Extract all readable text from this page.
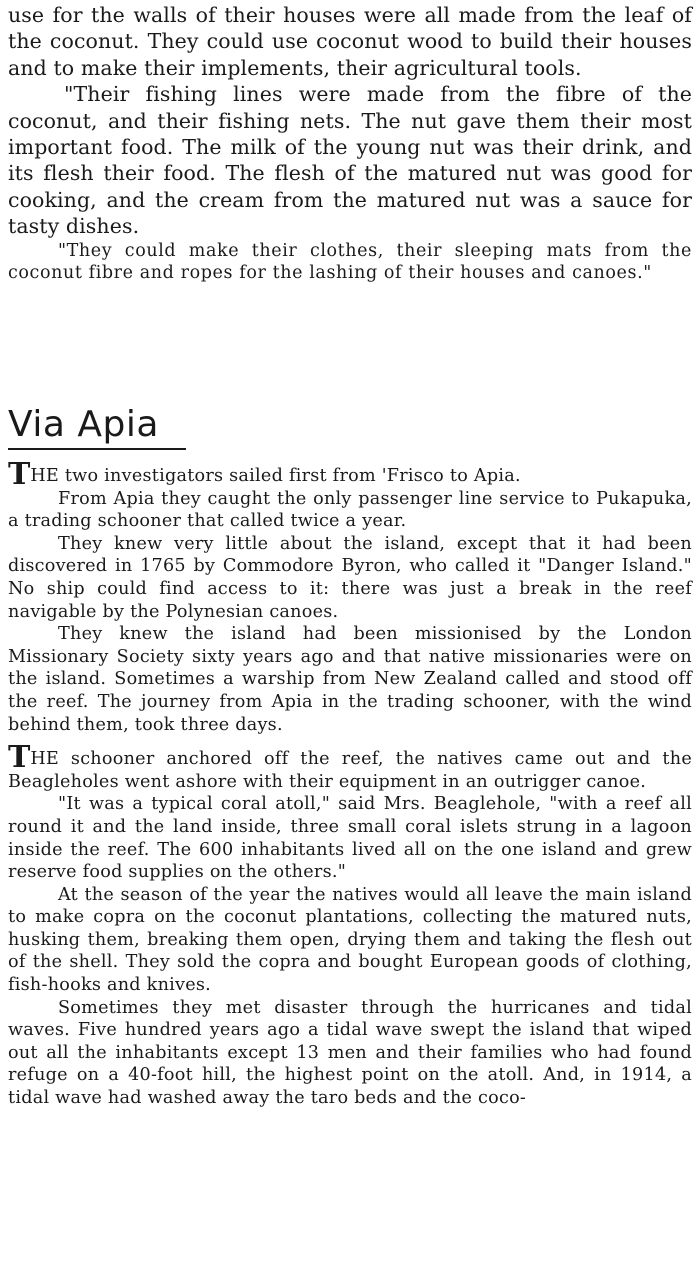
use for the walls of their houses were all made from the leaf of the coconut. They could use coconut wood to build their houses and to make their implements, their agricultural tools.

"Their fishing lines were made from the fibre of the coconut, and their fishing nets. The nut gave them their most important food. The milk of the young nut was their drink, and its flesh their food. The flesh of the matured nut was good for cooking, and the cream from the matured nut was a sauce for tasty dishes.

"They could make their clothes, their sleeping mats from the coconut fibre and ropes for the lashing of their houses and canoes."

Via Apia

THE two investigators sailed first from 'Frisco to Apia.

From Apia they caught the only passenger line service to Pukapuka, a trading schooner that called twice a year.

They knew very little about the island, except that it had been discovered in 1765 by Commodore Byron, who called it "Danger Island." No ship could find access to it: there was just a break in the reef navigable by the Polynesian canoes.

They knew the island had been missionised by the London Missionary Society sixty years ago and that native missionaries were on the island. Sometimes a warship from New Zealand called and stood off the reef. The journey from Apia in the trading schooner, with the wind behind them, took three days.

THE schooner anchored off the reef, the natives came out and the Beagleholes went ashore with their equipment in an outrigger canoe.

"It was a typical coral atoll," said Mrs. Beaglehole, "with a reef all round it and the land inside, three small coral islets strung in a lagoon inside the reef. The 600 inhabitants lived all on the one island and grew reserve food supplies on the others."

At the season of the year the natives would all leave the main island to make copra on the coconut plantations, collecting the matured nuts, husking them, breaking them open, drying them and taking the flesh out of the shell. They sold the copra and bought European goods of clothing, fish-hooks and knives.

Sometimes they met disaster through the hurricanes and tidal waves. Five hundred years ago a tidal wave swept the island that wiped out all the inhabitants except 13 men and their families who had found refuge on a 40-foot hill, the highest point on the atoll. And, in 1914, a tidal wave had washed away the taro beds and the coco-
